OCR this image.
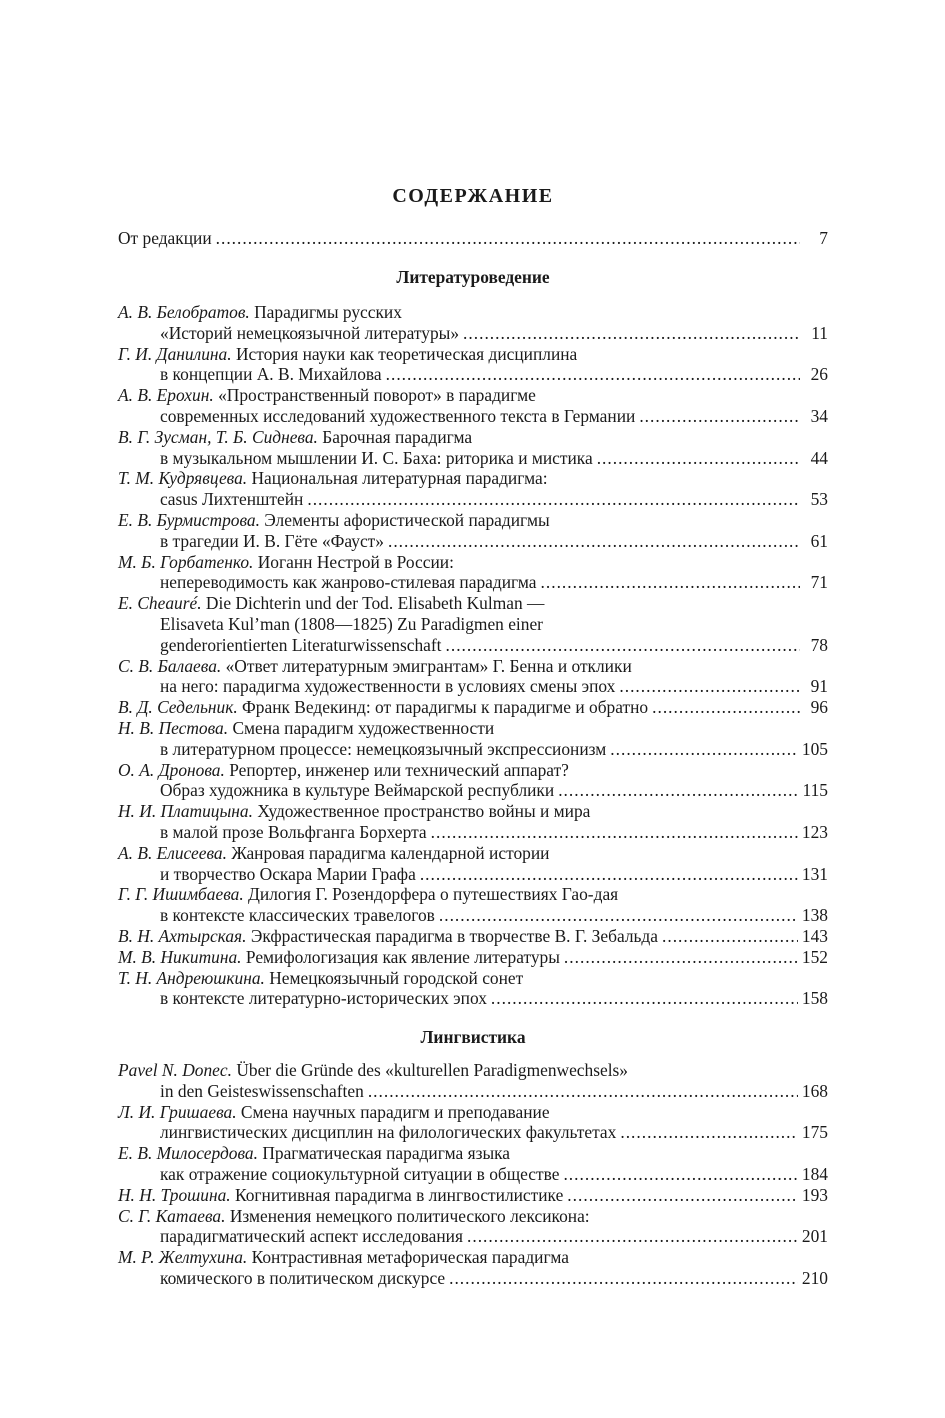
СОДЕРЖАНИЕ
От редакции .....	7
Литературоведение
А. В. Белобратов. Парадигмы русских
«Историй немецкоязычной литературы» .....	11
Г. И. Данилина. История науки как теоретическая дисциплина
в концепции А. В. Михайлова .....	26
А. В. Ерохин. «Пространственный поворот» в парадигме
современных исследований художественного текста в Германии .....	34
В. Г. Зусман, Т. Б. Сиднева. Барочная парадигма
в музыкальном мышлении И. С. Баха: риторика и мистика .....	44
Т. М. Кудрявцева. Национальная литературная парадигма:
casus Лихтенштейн .....	53
Е. В. Бурмистрова. Элементы афористической парадигмы
в трагедии И. В. Гёте «Фауст» .....	61
М. Б. Горбатенко. Иоганн Нестрой в России:
непереводимость как жанрово-стилевая парадигма .....	71
E. Cheauré. Die Dichterin und der Tod. Elisabeth Kulman —
Elisaveta Kul’man (1808—1825) Zu Paradigmen einer
genderorientierten Literaturwissenschaft .....	78
С. В. Балаева. «Ответ литературным эмигрантам» Г. Бенна и отклики
на него: парадигма художественности в условиях смены эпох .....	91
В. Д. Седельник. Франк Ведекинд: от парадигмы к парадигме и обратно .....	96
Н. В. Пестова. Смена парадигм художественности
в литературном процессе: немецкоязычный экспрессионизм .....	105
О. А. Дронова. Репортер, инженер или технический аппарат?
Образ художника в культуре Веймарской республики .....	115
Н. И. Платицына. Художественное пространство войны и мира
в малой прозе Вольфганга Борхерта .....	123
А. В. Елисеева. Жанровая парадигма календарной истории
и творчество Оскара Марии Графа .....	131
Г. Г. Ишимбаева. Дилогия Г. Розендорфера о путешествиях Гао-дая
в контексте классических травелогов .....	138
В. Н. Ахтырская. Экфрастическая парадигма в творчестве В. Г. Зебальда .....	143
М. В. Никитина. Ремифологизация как явление литературы .....	152
Т. Н. Андреюшкина. Немецкоязычный городской сонет
в контексте литературно-исторических эпох .....	158
Лингвистика
Pavel N. Donec. Über die Gründe des «kulturellen Paradigmenwechsels»
in den Geisteswissenschaften .....	168
Л. И. Гришаева. Смена научных парадигм и преподавание
лингвистических дисциплин на филологических факультетах .....	175
Е. В. Милосердова. Прагматическая парадигма языка
как отражение социокультурной ситуации в обществе .....	184
Н. Н. Трошина. Когнитивная парадигма в лингвостилистике .....	193
С. Г. Катаева. Изменения немецкого политического лексикона:
парадигматический аспект исследования .....	201
М. Р. Желтухина. Контрастивная метафорическая парадигма
комического в политическом дискурсе .....	210
